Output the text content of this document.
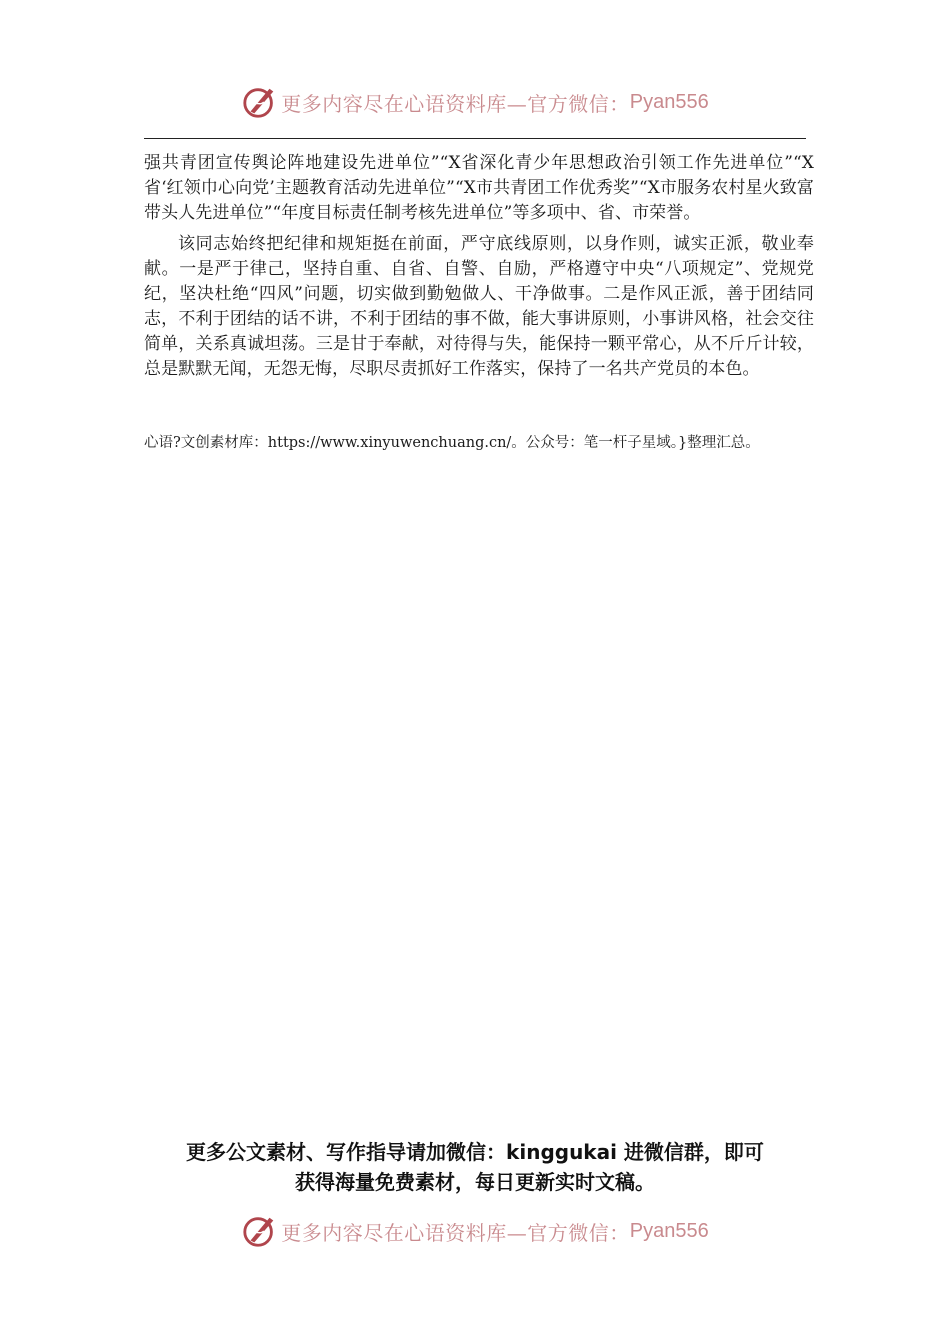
更多内容尽在心语资料库—官方微信： Pyan556

强共青团宣传舆论阵地建设先进单位”“X省深化青少年思想政治引领工作先进单位”“X省‘红领巾心向党’主题教育活动先进单位”“X市共青团工作优秀奖”“X市服务农村星火致富带头人先进单位”“年度目标责任制考核先进单位”等多项中、省、市荣誉。

该同志始终把纪律和规矩挺在前面，严守底线原则，以身作则，诚实正派，敬业奉献。一是严于律己，坚持自重、自省、自警、自励，严格遵守中央“八项规定”、党规党纪，坚决杜绝“四风”问题，切实做到勤勉做人、干净做事。二是作风正派，善于团结同志，不利于团结的话不讲，不利于团结的事不做，能大事讲原则，小事讲风格，社会交往简单，关系真诚坦荡。三是甘于奉献，对待得与失，能保持一颗平常心，从不斤斤计较，总是默默无闻，无怨无悔，尽职尽责抓好工作落实，保持了一名共产党员的本色。

心语?文创素材库：https://www.xinyuwenchuang.cn/。公众号：笔一杆子星域。}整理汇总。
更多公文素材、写作指导请加微信：kinggukai 进微信群，即可
获得海量免费素材，每日更新实时文稿。
更多内容尽在心语资料库—官方微信： Pyan556
